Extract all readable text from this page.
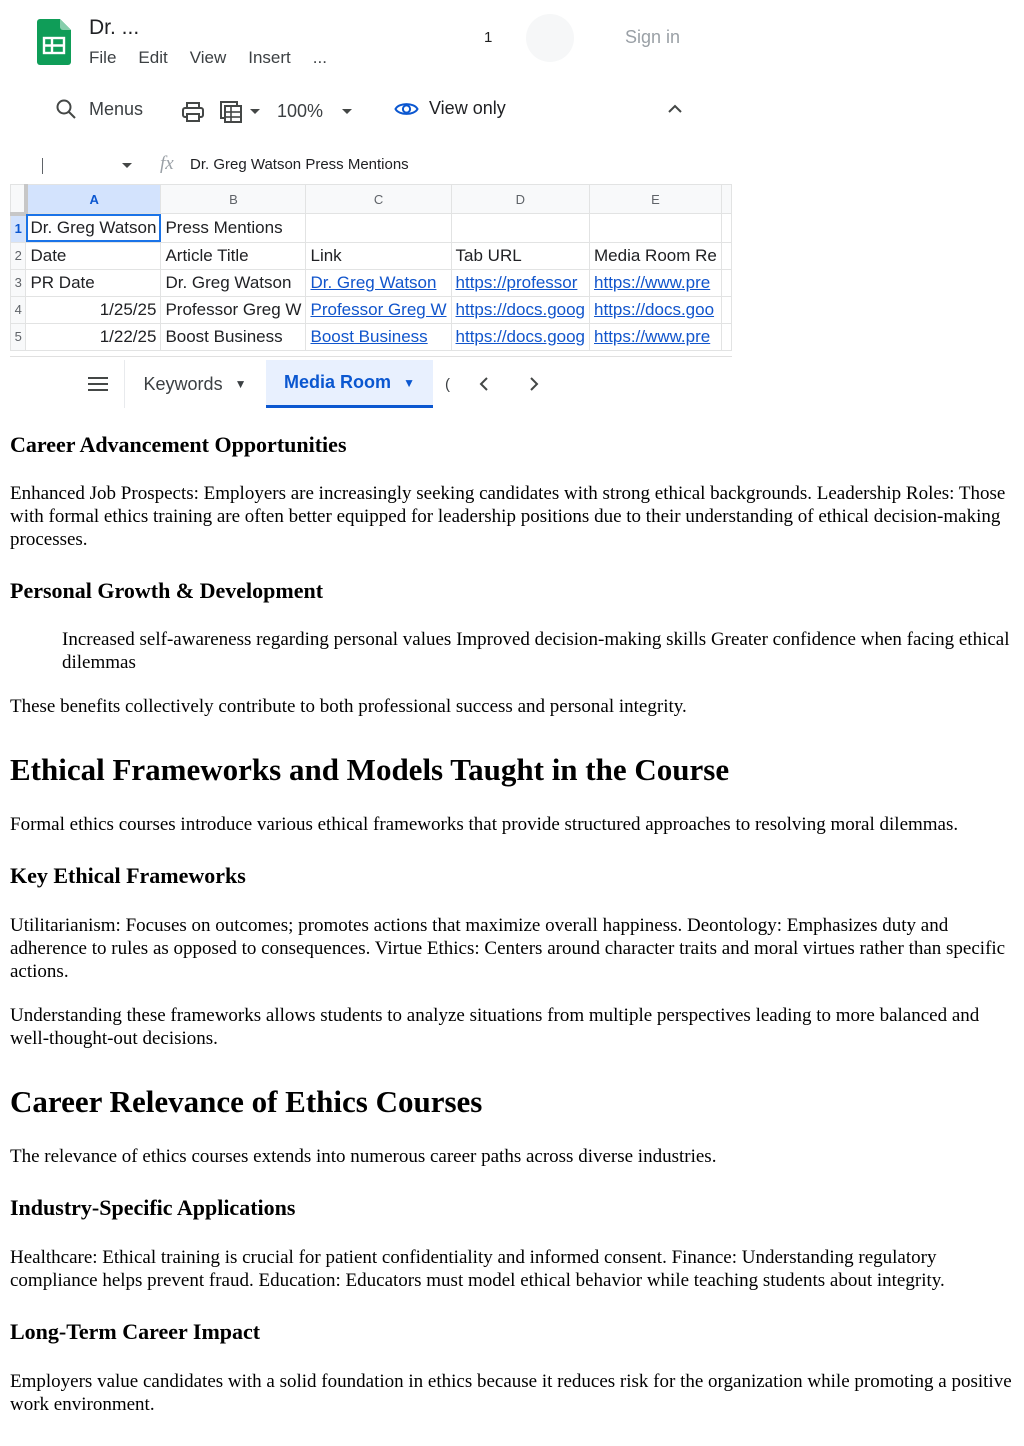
Dr. ...
File Edit View Insert ...
1	Sign in
Menus	100%	View only
fx Dr. Greg Watson Press Mentions
	A	B	C	D	E	
1	Dr. Greg Watson	Press Mentions				
2	Date	Article Title	Link	Tab URL	Media Room Re	
3	PR Date	Dr. Greg Watson	Dr. Greg Watson	https://professor	https://www.pre	
4	1/25/25	Professor Greg W	Professor Greg W	https://docs.goog	https://docs.goo	
5	1/22/25	Boost Business	Boost Business	https://docs.goog	https://www.pre	
Keywords ▼ Media Room ▼ (
Career Advancement Opportunities

Enhanced Job Prospects: Employers are increasingly seeking candidates with strong ethical backgrounds. Leadership Roles: Those with formal ethics training are often better equipped for leadership positions due to their understanding of ethical decision-making processes.

Personal Growth & Development
Increased self-awareness regarding personal values Improved decision-making skills Greater confidence when facing ethical dilemmas

These benefits collectively contribute to both professional success and personal integrity.

Ethical Frameworks and Models Taught in the Course

Formal ethics courses introduce various ethical frameworks that provide structured approaches to resolving moral dilemmas.

Key Ethical Frameworks

Utilitarianism: Focuses on outcomes; promotes actions that maximize overall happiness. Deontology: Emphasizes duty and adherence to rules as opposed to consequences. Virtue Ethics: Centers around character traits and moral virtues rather than specific actions.

Understanding these frameworks allows students to analyze situations from multiple perspectives leading to more balanced and well-thought-out decisions.

Career Relevance of Ethics Courses

The relevance of ethics courses extends into numerous career paths across diverse industries.

Industry-Specific Applications

Healthcare: Ethical training is crucial for patient confidentiality and informed consent. Finance: Understanding regulatory compliance helps prevent fraud. Education: Educators must model ethical behavior while teaching students about integrity.

Long-Term Career Impact

Employers value candidates with a solid foundation in ethics because it reduces risk for the organization while promoting a positive work environment.
